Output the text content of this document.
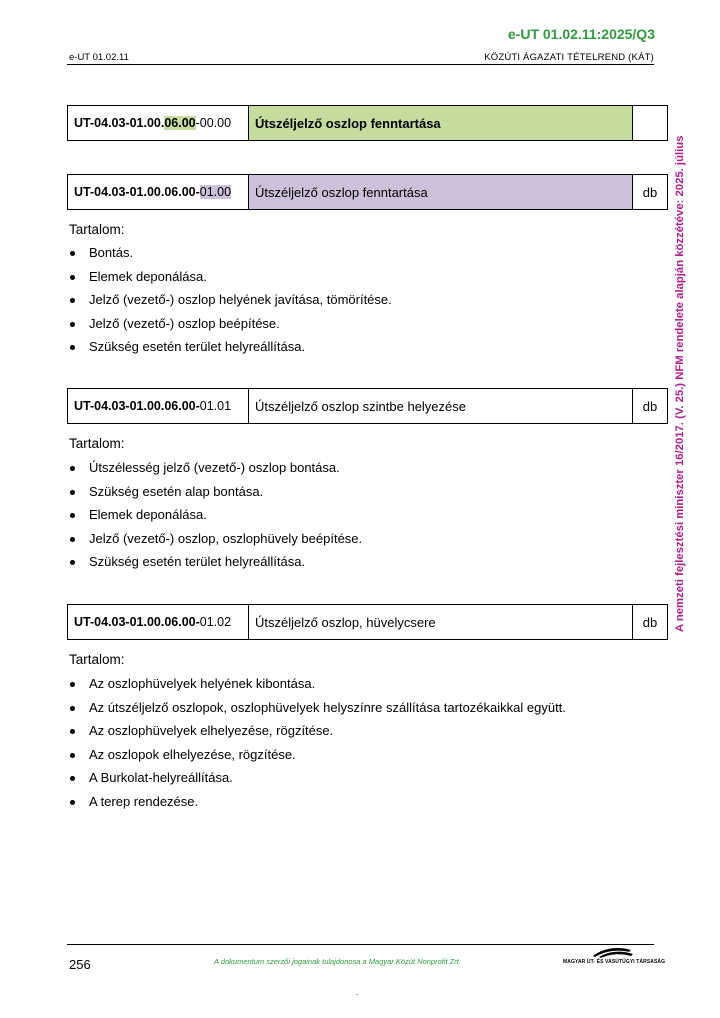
e-UT 01.02.11:2025/Q3
e-UT 01.02.11	KÖZÚTI ÁGAZATI TÉTELREND (KÁT)
A nemzeti fejlesztési miniszter 16/2017. (V. 25.) NFM rendelete alapján közzétéve: 2025. július
UT-04.03-01.00.06.00-00.00	Útszéljelző oszlop fenntartása	
UT-04.03-01.00.06.00-01.00	Útszéljelző oszlop fenntartása	db
Tartalom:
Bontás.
Elemek deponálása.
Jelző (vezető-) oszlop helyének javítása, tömörítése.
Jelző (vezető-) oszlop beépítése.
Szükség esetén terület helyreállítása.
UT-04.03-01.00.06.00-01.01	Útszéljelző oszlop szintbe helyezése	db
Tartalom:
Útszélesség jelző (vezető-) oszlop bontása.
Szükség esetén alap bontása.
Elemek deponálása.
Jelző (vezető-) oszlop, oszlophüvely beépítése.
Szükség esetén terület helyreállítása.
UT-04.03-01.00.06.00-01.02	Útszéljelző oszlop, hüvelycsere	db
Tartalom:
Az oszlophüvelyek helyének kibontása.
Az útszéljelző oszlopok, oszlophüvelyek helyszínre szállítása tartozékaikkal együtt.
Az oszlophüvelyek elhelyezése, rögzítése.
Az oszlopok elhelyezése, rögzítése.
A Burkolat-helyreállítása.
A terep rendezése.
256	A dokumentum szerzői jogainak tulajdonosa a Magyar Közút Nonprofit Zrt.	MAGYAR ÚT- ÉS VASÚTÜGYI TÁRSASÁG
